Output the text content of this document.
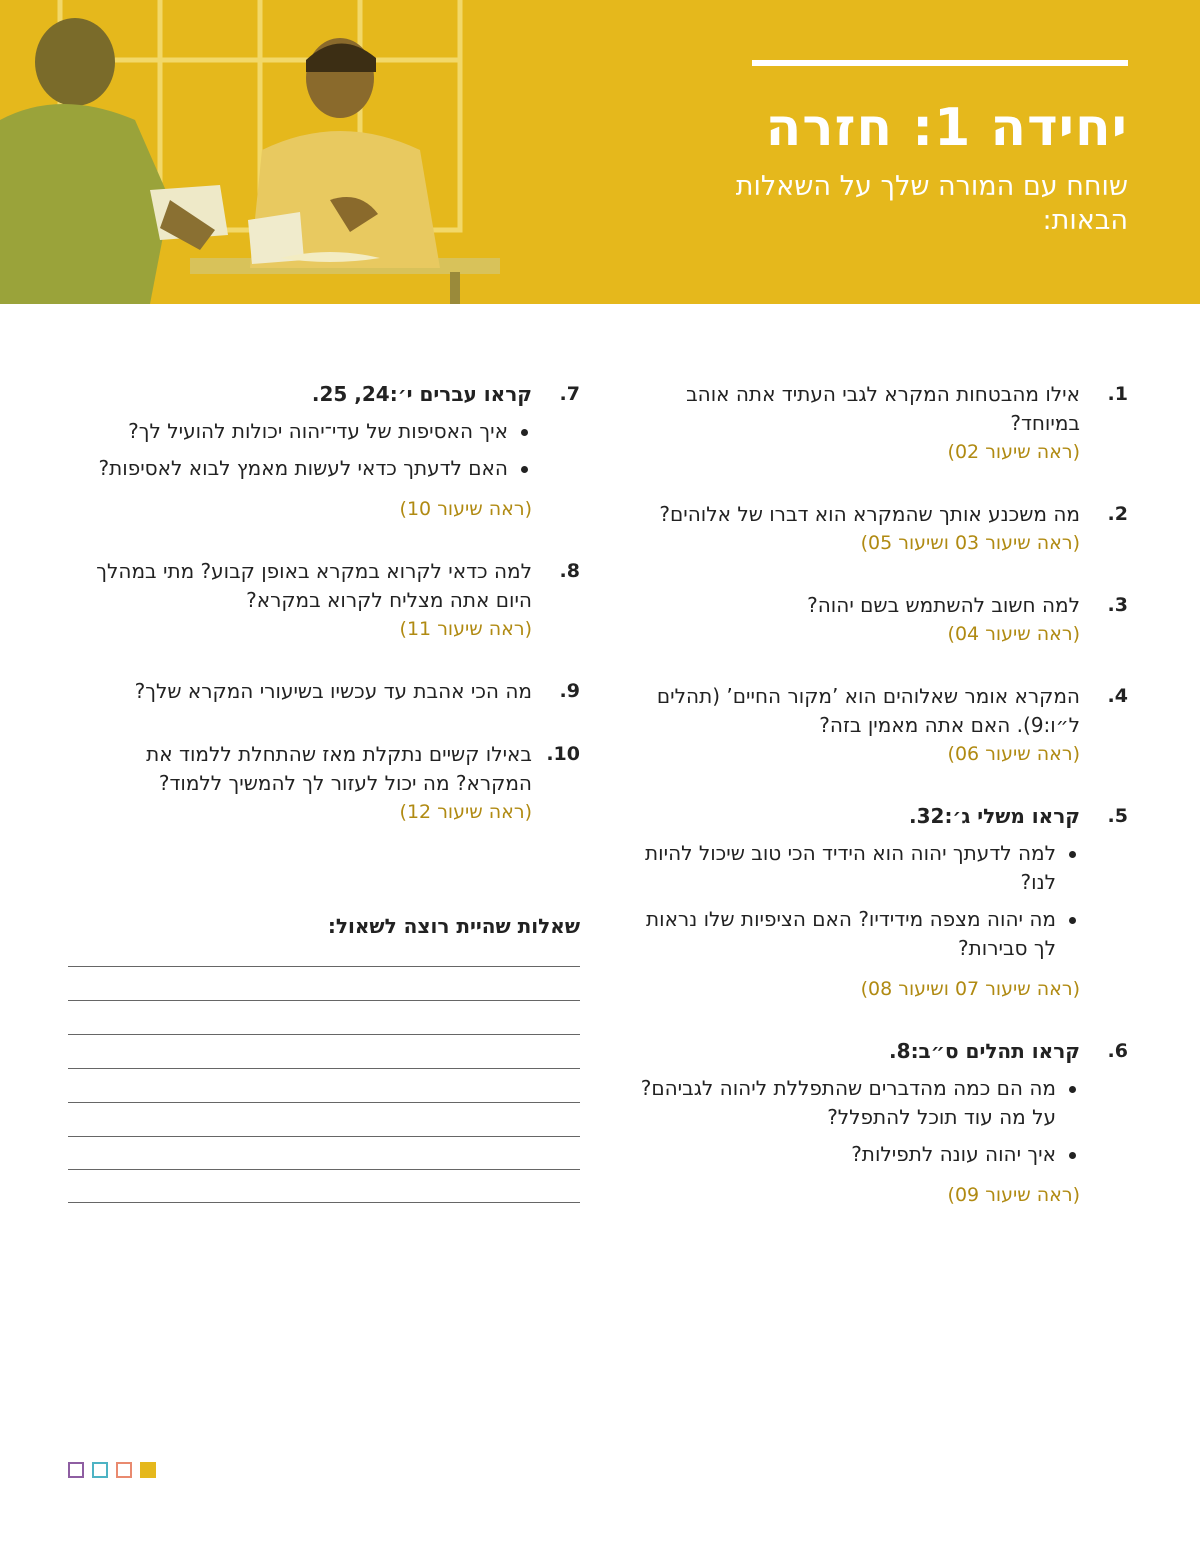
יחידה 1: חזרה
שוחח עם המורה שלך על השאלות הבאות:
1.
אילו מהבטחות המקרא לגבי העתיד אתה אוהב במיוחד?
(ראה שיעור 02)
2.
מה משכנע אותך שהמקרא הוא דברו של אלוהים?
(ראה שיעור 03 ושיעור 05)
3.
למה חשוב להשתמש בשם יהוה?
(ראה שיעור 04)
4.
המקרא אומר שאלוהים הוא ’מקור החיים’ (תהלים ל״ו:9). האם אתה מאמין בזה?
(ראה שיעור 06)
5.
קראו משלי ג׳:32.
למה לדעתך יהוה הוא הידיד הכי טוב שיכול להיות לנו?
מה יהוה מצפה מידידיו? האם הציפיות שלו נראות לך סבירות?
(ראה שיעור 07 ושיעור 08)
6.
קראו תהלים ס״ב:8.
מה הם כמה מהדברים שהתפללת ליהוה לגביהם? על מה עוד תוכל להתפלל?
איך יהוה עונה לתפילות?
(ראה שיעור 09)
7.
קראו עברים י׳:24, 25.
איך האסיפות של עדי־יהוה יכולות להועיל לך?
האם לדעתך כדאי לעשות מאמץ לבוא לאסיפות?
(ראה שיעור 10)
8.
למה כדאי לקרוא במקרא באופן קבוע? מתי במהלך היום אתה מצליח לקרוא במקרא?
(ראה שיעור 11)
9.
מה הכי אהבת עד עכשיו בשיעורי המקרא שלך?
10.
באילו קשיים נתקלת מאז שהתחלת ללמוד את המקרא? מה יכול לעזור לך להמשיך ללמוד?
(ראה שיעור 12)
שאלות שהיית רוצה לשאול:
